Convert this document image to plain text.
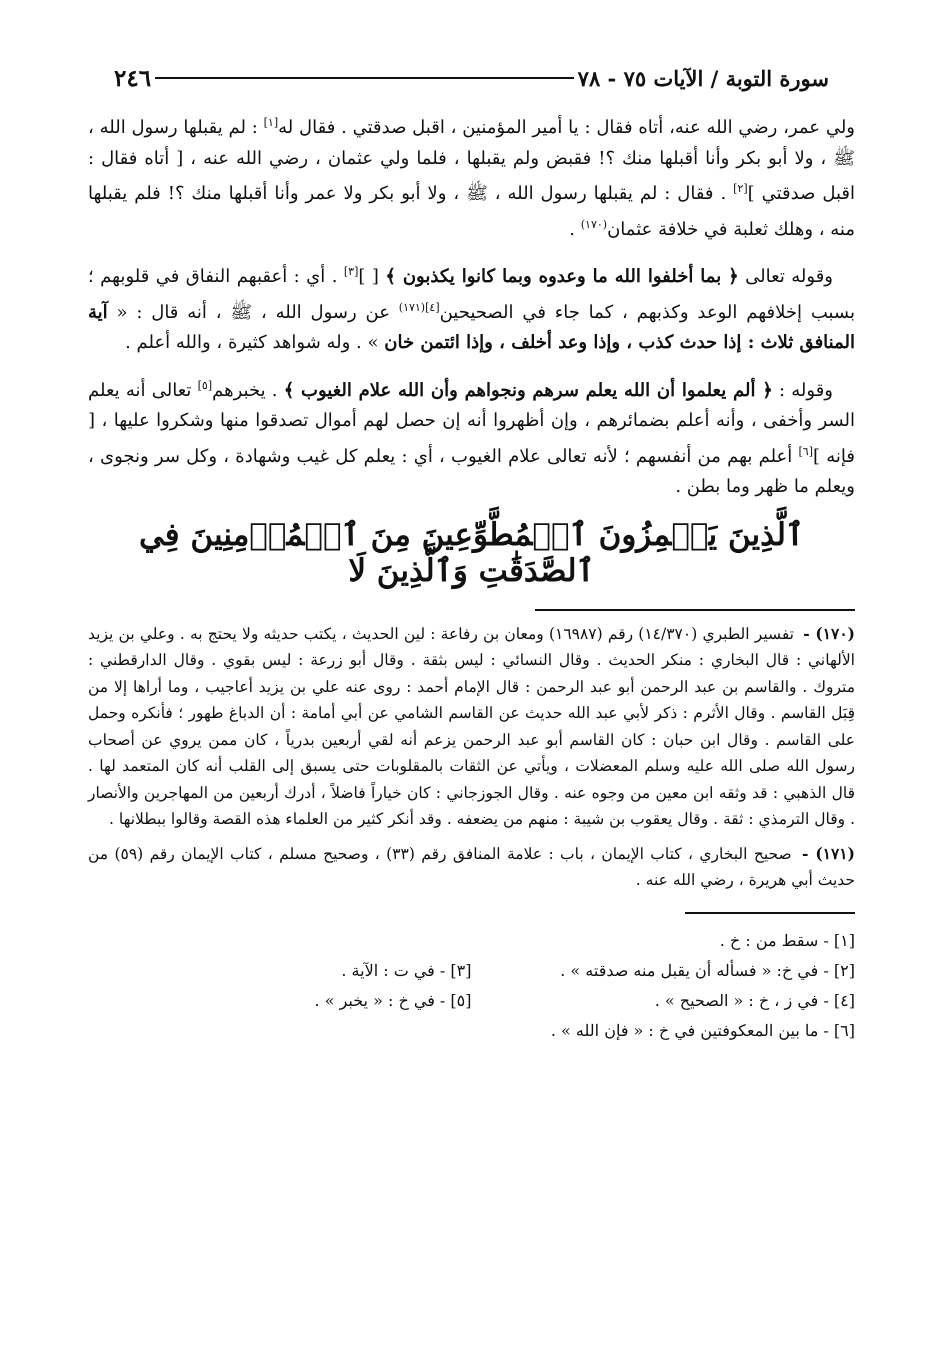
سورة التوبة / الآيات ٧٥ - ٧٨
٢٤٦

ولي عمر، رضي الله عنه، أتاه فقال : يا أمير المؤمنين ، اقبل صدقتي . فقال له[١] : لم يقبلها رسول الله ، ﷺ ، ولا أبو بكر وأنا أقبلها منك ؟! فقبض ولم يقبلها ، فلما ولي عثمان ، رضي الله عنه ، [ أتاه فقال : اقبل صدقتي ][٢] . فقال : لم يقبلها رسول الله ، ﷺ ، ولا أبو بكر ولا عمر وأنا أقبلها منك ؟! فلم يقبلها منه ، وهلك ثعلبة في خلافة عثمان$^{(١٧٠)}$ .

وقوله تعالى ﴿ بما أخلفوا الله ما وعدوه وبما كانوا يكذبون ﴾ [ ][٣] . أي : أعقبهم النفاق في قلوبهم ؛ بسبب إخلافهم الوعد وكذبهم ، كما جاء في الصحيحين$^{[٤](١٧١)}$ عن رسول الله ، ﷺ ، أنه قال : « آية المنافق ثلاث : إذا حدث كذب ، وإذا وعد أخلف ، وإذا ائتمن خان » . وله شواهد كثيرة ، والله أعلم .

وقوله : ﴿ ألم يعلموا أن الله يعلم سرهم ونجواهم وأن الله علام الغيوب ﴾ . يخبرهم[٥] تعالى أنه يعلم السر وأخفى ، وأنه أعلم بضمائرهم ، وإن أظهروا أنه إن حصل لهم أموال تصدقوا منها وشكروا عليها ، [ فإنه ][٦] أعلم بهم من أنفسهم ؛ لأنه تعالى علام الغيوب ، أي : يعلم كل غيب وشهادة ، وكل سر ونجوى ، ويعلم ما ظهر وما بطن .

ٱلَّذِينَ يَلۡمِزُونَ ٱلۡمُطَّوِّعِينَ مِنَ ٱلۡمُؤۡمِنِينَ فِي ٱلصَّدَقَٰتِ وَٱلَّذِينَ لَا

(١٧٠) - تفسير الطبري (١٤/٣٧٠) رقم (١٦٩٨٧) ومعان بن رفاعة : لين الحديث ، يكتب حديثه ولا يحتج به . وعلي بن يزيد الألهاني : قال البخاري : منكر الحديث . وقال النسائي : ليس بثقة . وقال أبو زرعة : ليس بقوي . وقال الدارقطني : متروك . والقاسم بن عبد الرحمن أبو عبد الرحمن : قال الإمام أحمد : روى عنه علي بن يزيد أعاجيب ، وما أراها إلا من قِبَل القاسم . وقال الأثرم : ذكر لأبي عبد الله حديث عن القاسم الشامي عن أبي أمامة : أن الدباغ طهور ؛ فأنكره وحمل على القاسم . وقال ابن حبان : كان القاسم أبو عبد الرحمن يزعم أنه لقي أربعين بدرياً ، كان ممن يروي عن أصحاب رسول الله صلى الله عليه وسلم المعضلات ، ويأتي عن الثقات بالمقلوبات حتى يسبق إلى القلب أنه كان المتعمد لها . قال الذهبي : قد وثقه ابن معين من وجوه عنه . وقال الجوزجاني : كان خياراً فاضلاً ، أدرك أربعين من المهاجرين والأنصار . وقال الترمذي : ثقة . وقال يعقوب بن شيبة : منهم من يضعفه . وقد أنكر كثير من العلماء هذه القصة وقالوا ببطلانها .

(١٧١) - صحيح البخاري ، كتاب الإيمان ، باب : علامة المنافق رقم (٣٣) ، وصحيح مسلم ، كتاب الإيمان رقم (٥٩) من حديث أبي هريرة ، رضي الله عنه .

[١] - سقط من : خ .
[٢] - في خ: « فسأله أن يقبل منه صدقته » .
[٣] - في ت : الآية .
[٤] - في ز ، خ : « الصحيح » .
[٥] - في خ : « يخبر » .
[٦] - ما بين المعكوفتين في خ : « فإن الله » .
